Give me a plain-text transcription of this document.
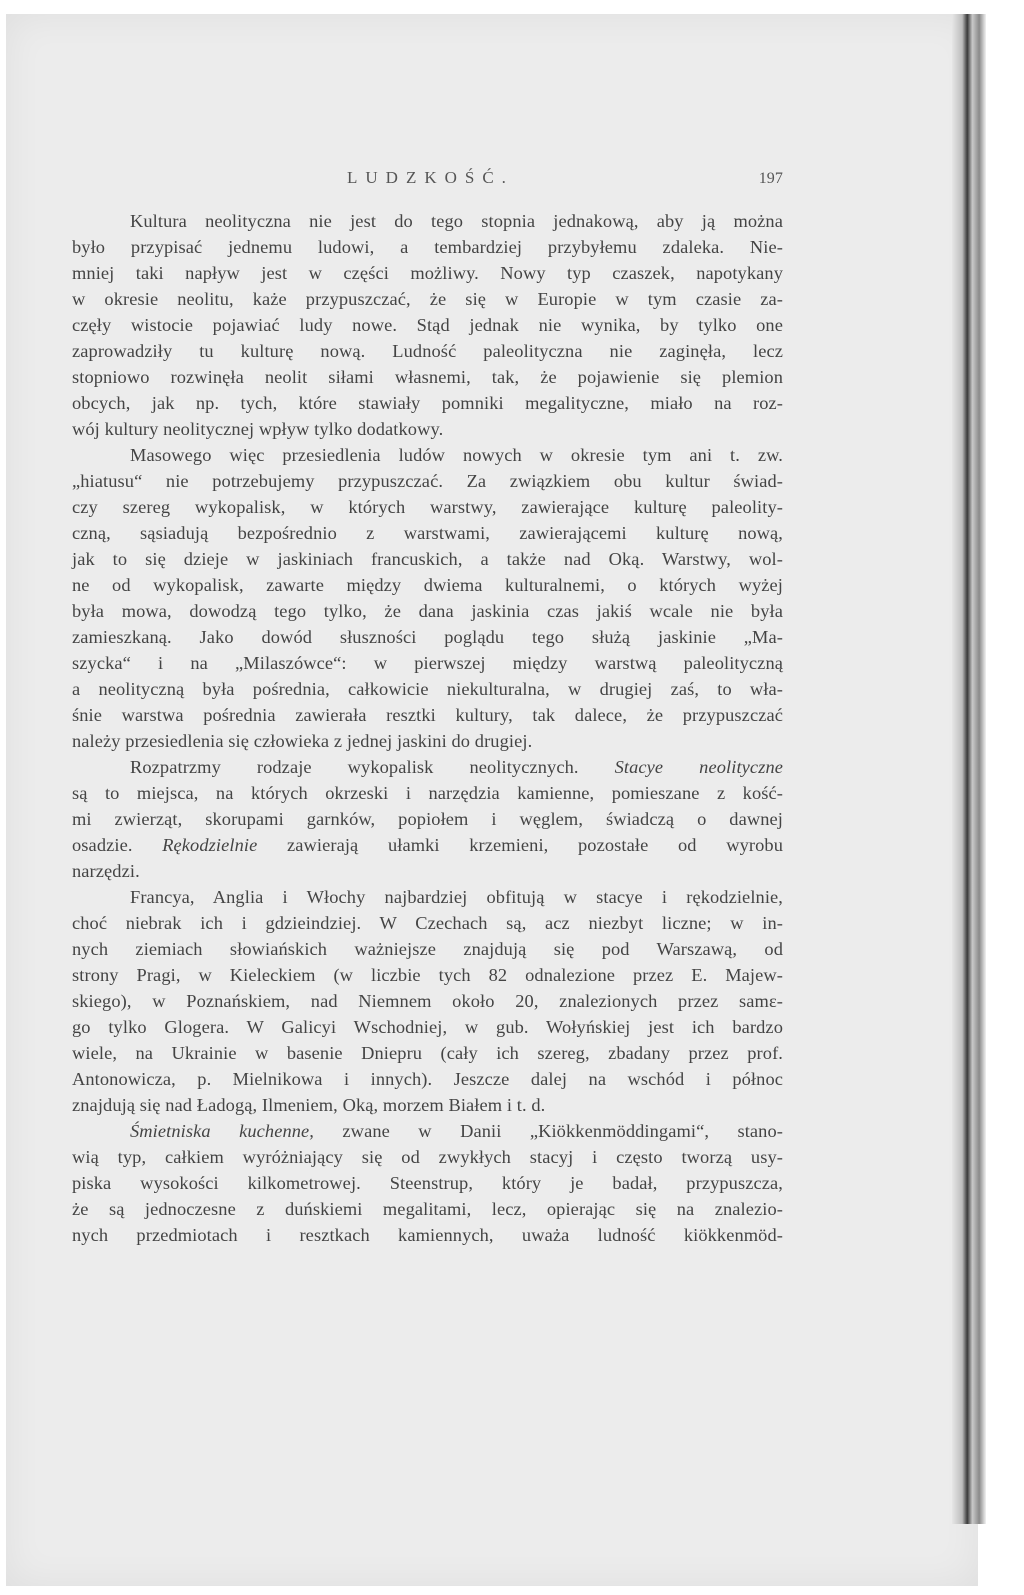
LUDZKOŚĆ.	197
Kultura neolityczna nie jest do tego stopnia jednakową, aby ją można
było przypisać jednemu ludowi, a tembardziej przybyłemu zdaleka. Nie-
mniej taki napływ jest w części możliwy. Nowy typ czaszek, napotykany
w okresie neolitu, każe przypuszczać, że się w Europie w tym czasie za-
częły wistocie pojawiać ludy nowe. Stąd jednak nie wynika, by tylko one
zaprowadziły tu kulturę nową. Ludność paleolityczna nie zaginęła, lecz
stopniowo rozwinęła neolit siłami własnemi, tak, że pojawienie się plemion
obcych, jak np. tych, które stawiały pomniki megalityczne, miało na roz-
wój kultury neolitycznej wpływ tylko dodatkowy.
Masowego więc przesiedlenia ludów nowych w okresie tym ani t. zw.
„hiatusu“ nie potrzebujemy przypuszczać. Za związkiem obu kultur świad-
czy szereg wykopalisk, w których warstwy, zawierające kulturę paleolity-
czną, sąsiadują bezpośrednio z warstwami, zawierającemi kulturę nową,
jak to się dzieje w jaskiniach francuskich, a także nad Oką. Warstwy, wol-
ne od wykopalisk, zawarte między dwiema kulturalnemi, o których wyżej
była mowa, dowodzą tego tylko, że dana jaskinia czas jakiś wcale nie była
zamieszkaną. Jako dowód słuszności poglądu tego służą jaskinie „Ma-
szycka“ i na „Milaszówce“: w pierwszej między warstwą paleolityczną
a neolityczną była pośrednia, całkowicie niekulturalna, w drugiej zaś, to wła-
śnie warstwa pośrednia zawierała resztki kultury, tak dalece, że przypuszczać
należy przesiedlenia się człowieka z jednej jaskini do drugiej.
Rozpatrzmy rodzaje wykopalisk neolitycznych. Stacye neolityczne
są to miejsca, na których okrzeski i narzędzia kamienne, pomieszane z kość-
mi zwierząt, skorupami garnków, popiołem i węglem, świadczą o dawnej
osadzie. Rękodzielnie zawierają ułamki krzemieni, pozostałe od wyrobu
narzędzi.
Francya, Anglia i Włochy najbardziej obfitują w stacye i rękodzielnie,
choć niebrak ich i gdzieindziej. W Czechach są, acz niezbyt liczne; w in-
nych ziemiach słowiańskich ważniejsze znajdują się pod Warszawą, od
strony Pragi, w Kieleckiem (w liczbie tych 82 odnalezione przez E. Majew-
skiego), w Poznańskiem, nad Niemnem około 20, znalezionych przez samε-
go tylko Glogera. W Galicyi Wschodniej, w gub. Wołyńskiej jest ich bardzo
wiele, na Ukrainie w basenie Dniepru (cały ich szereg, zbadany przez prof.
Antonowicza, p. Mielnikowa i innych). Jeszcze dalej na wschód i północ
znajdują się nad Ładogą, Ilmeniem, Oką, morzem Białem i t. d.
Śmietniska kuchenne, zwane w Danii „Kiökkenmöddingami“, stano-
wią typ, całkiem wyróżniający się od zwykłych stacyj i często tworzą usy-
piska wysokości kilkometrowej. Steenstrup, który je badał, przypuszcza,
że są jednoczesne z duńskiemi megalitami, lecz, opierając się na znalezio-
nych przedmiotach i resztkach kamiennych, uważa ludność kiökkenmöd-
